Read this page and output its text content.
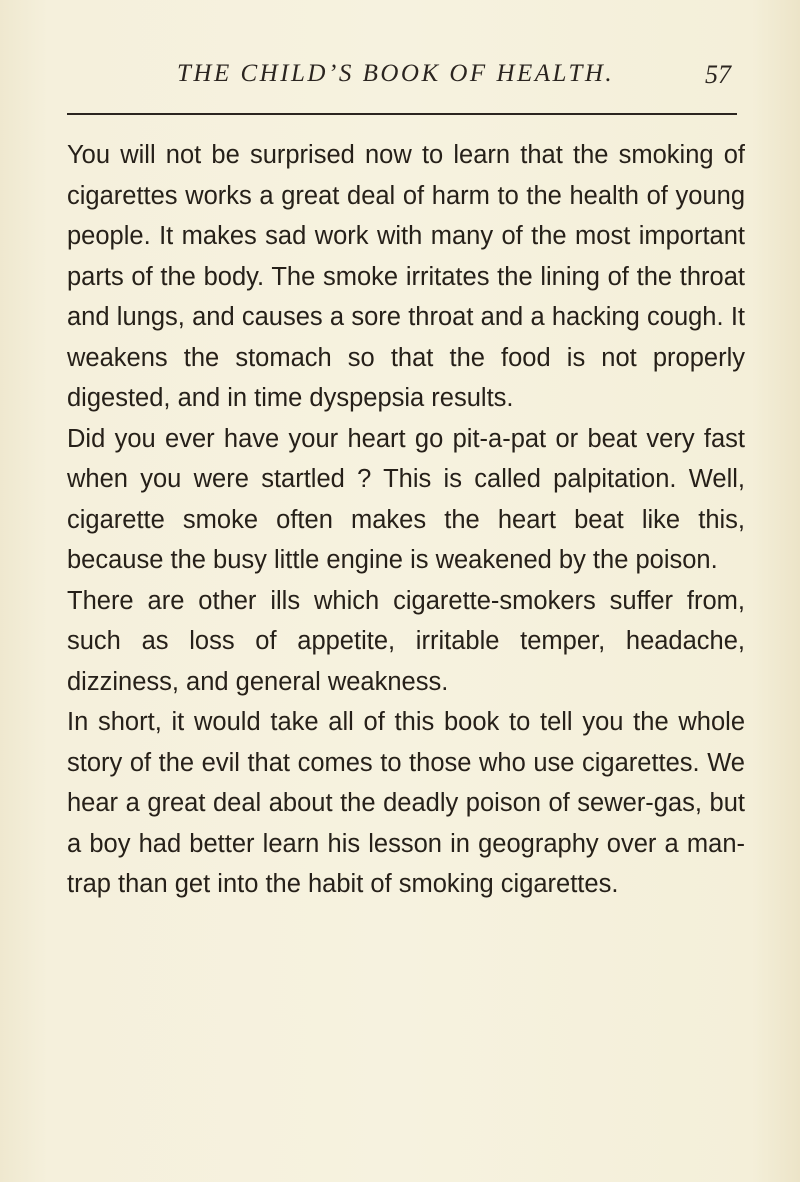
THE CHILD’S BOOK OF HEALTH.	57

You will not be surprised now to learn that the smoking of cigarettes works a great deal of harm to the health of young people. It makes sad work with many of the most important parts of the body. The smoke irritates the lining of the throat and lungs, and causes a sore throat and a hacking cough. It weakens the stomach so that the food is not properly digested, and in time dyspepsia results.

Did you ever have your heart go pit-a-pat or beat very fast when you were startled ? This is called palpitation. Well, cigarette smoke often makes the heart beat like this, because the busy little engine is weakened by the poison.

There are other ills which cigarette-smokers suffer from, such as loss of appetite, irritable temper, headache, dizziness, and general weakness.

In short, it would take all of this book to tell you the whole story of the evil that comes to those who use cigarettes. We hear a great deal about the deadly poison of sewer-gas, but a boy had better learn his lesson in geography over a man-trap than get into the habit of smoking cigarettes.
